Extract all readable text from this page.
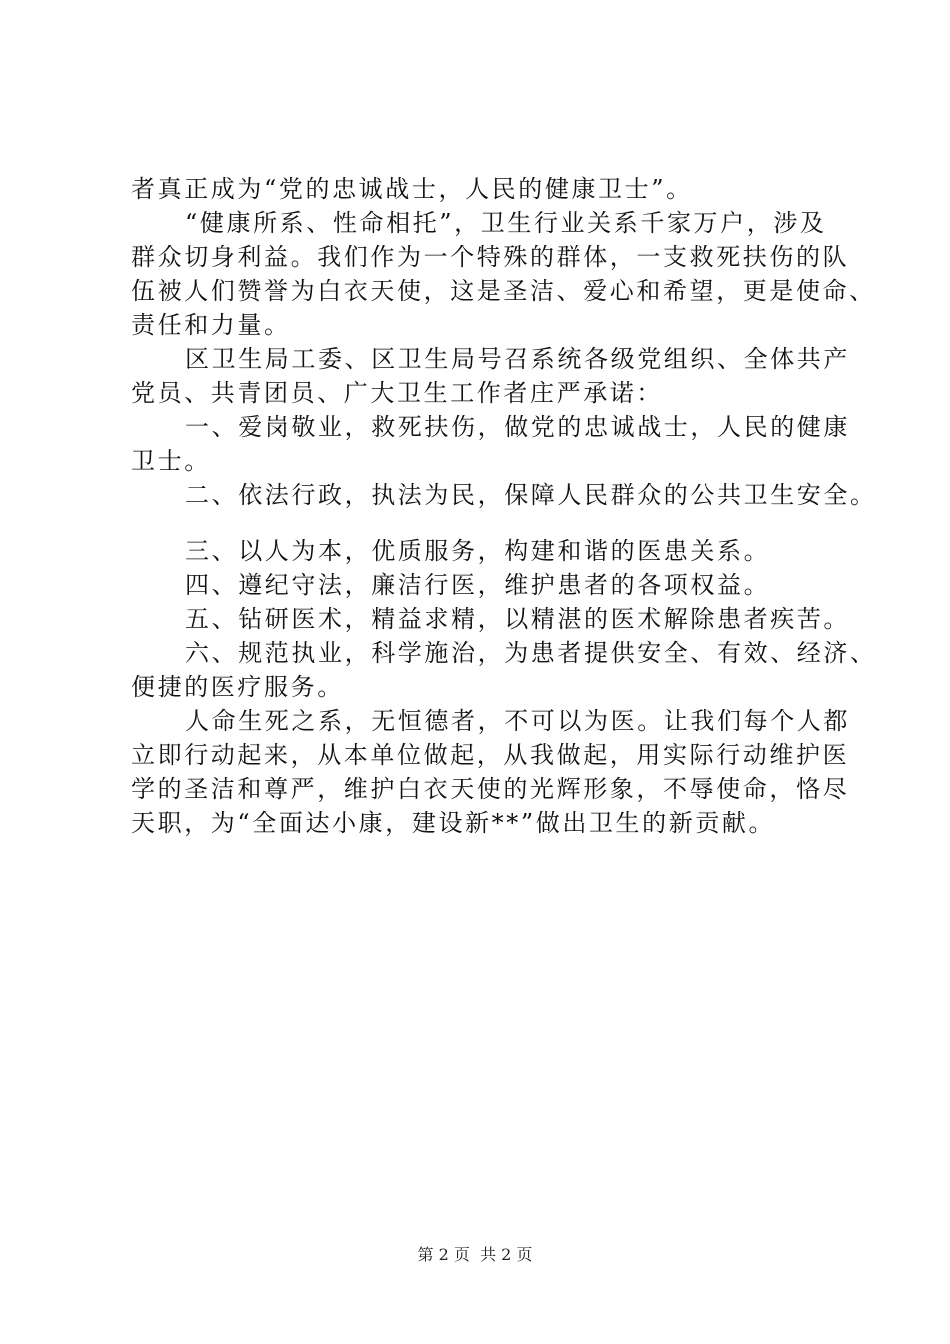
者真正成为“党的忠诚战士，人民的健康卫士”。
“健康所系、性命相托”，卫生行业关系千家万户，涉及
群众切身利益。我们作为一个特殊的群体，一支救死扶伤的队
伍被人们赞誉为白衣天使，这是圣洁、爱心和希望，更是使命、
责任和力量。
区卫生局工委、区卫生局号召系统各级党组织、全体共产
党员、共青团员、广大卫生工作者庄严承诺：
一、爱岗敬业，救死扶伤，做党的忠诚战士，人民的健康
卫士。
二、依法行政，执法为民，保障人民群众的公共卫生安全。
三、以人为本，优质服务，构建和谐的医患关系。
四、遵纪守法，廉洁行医，维护患者的各项权益。
五、钻研医术，精益求精，以精湛的医术解除患者疾苦。
六、规范执业，科学施治，为患者提供安全、有效、经济、
便捷的医疗服务。
人命生死之系，无恒德者，不可以为医。让我们每个人都
立即行动起来，从本单位做起，从我做起，用实际行动维护医
学的圣洁和尊严，维护白衣天使的光辉形象，不辱使命，恪尽
天职，为“全面达小康，建设新**”做出卫生的新贡献。
第 2 页  共 2 页
